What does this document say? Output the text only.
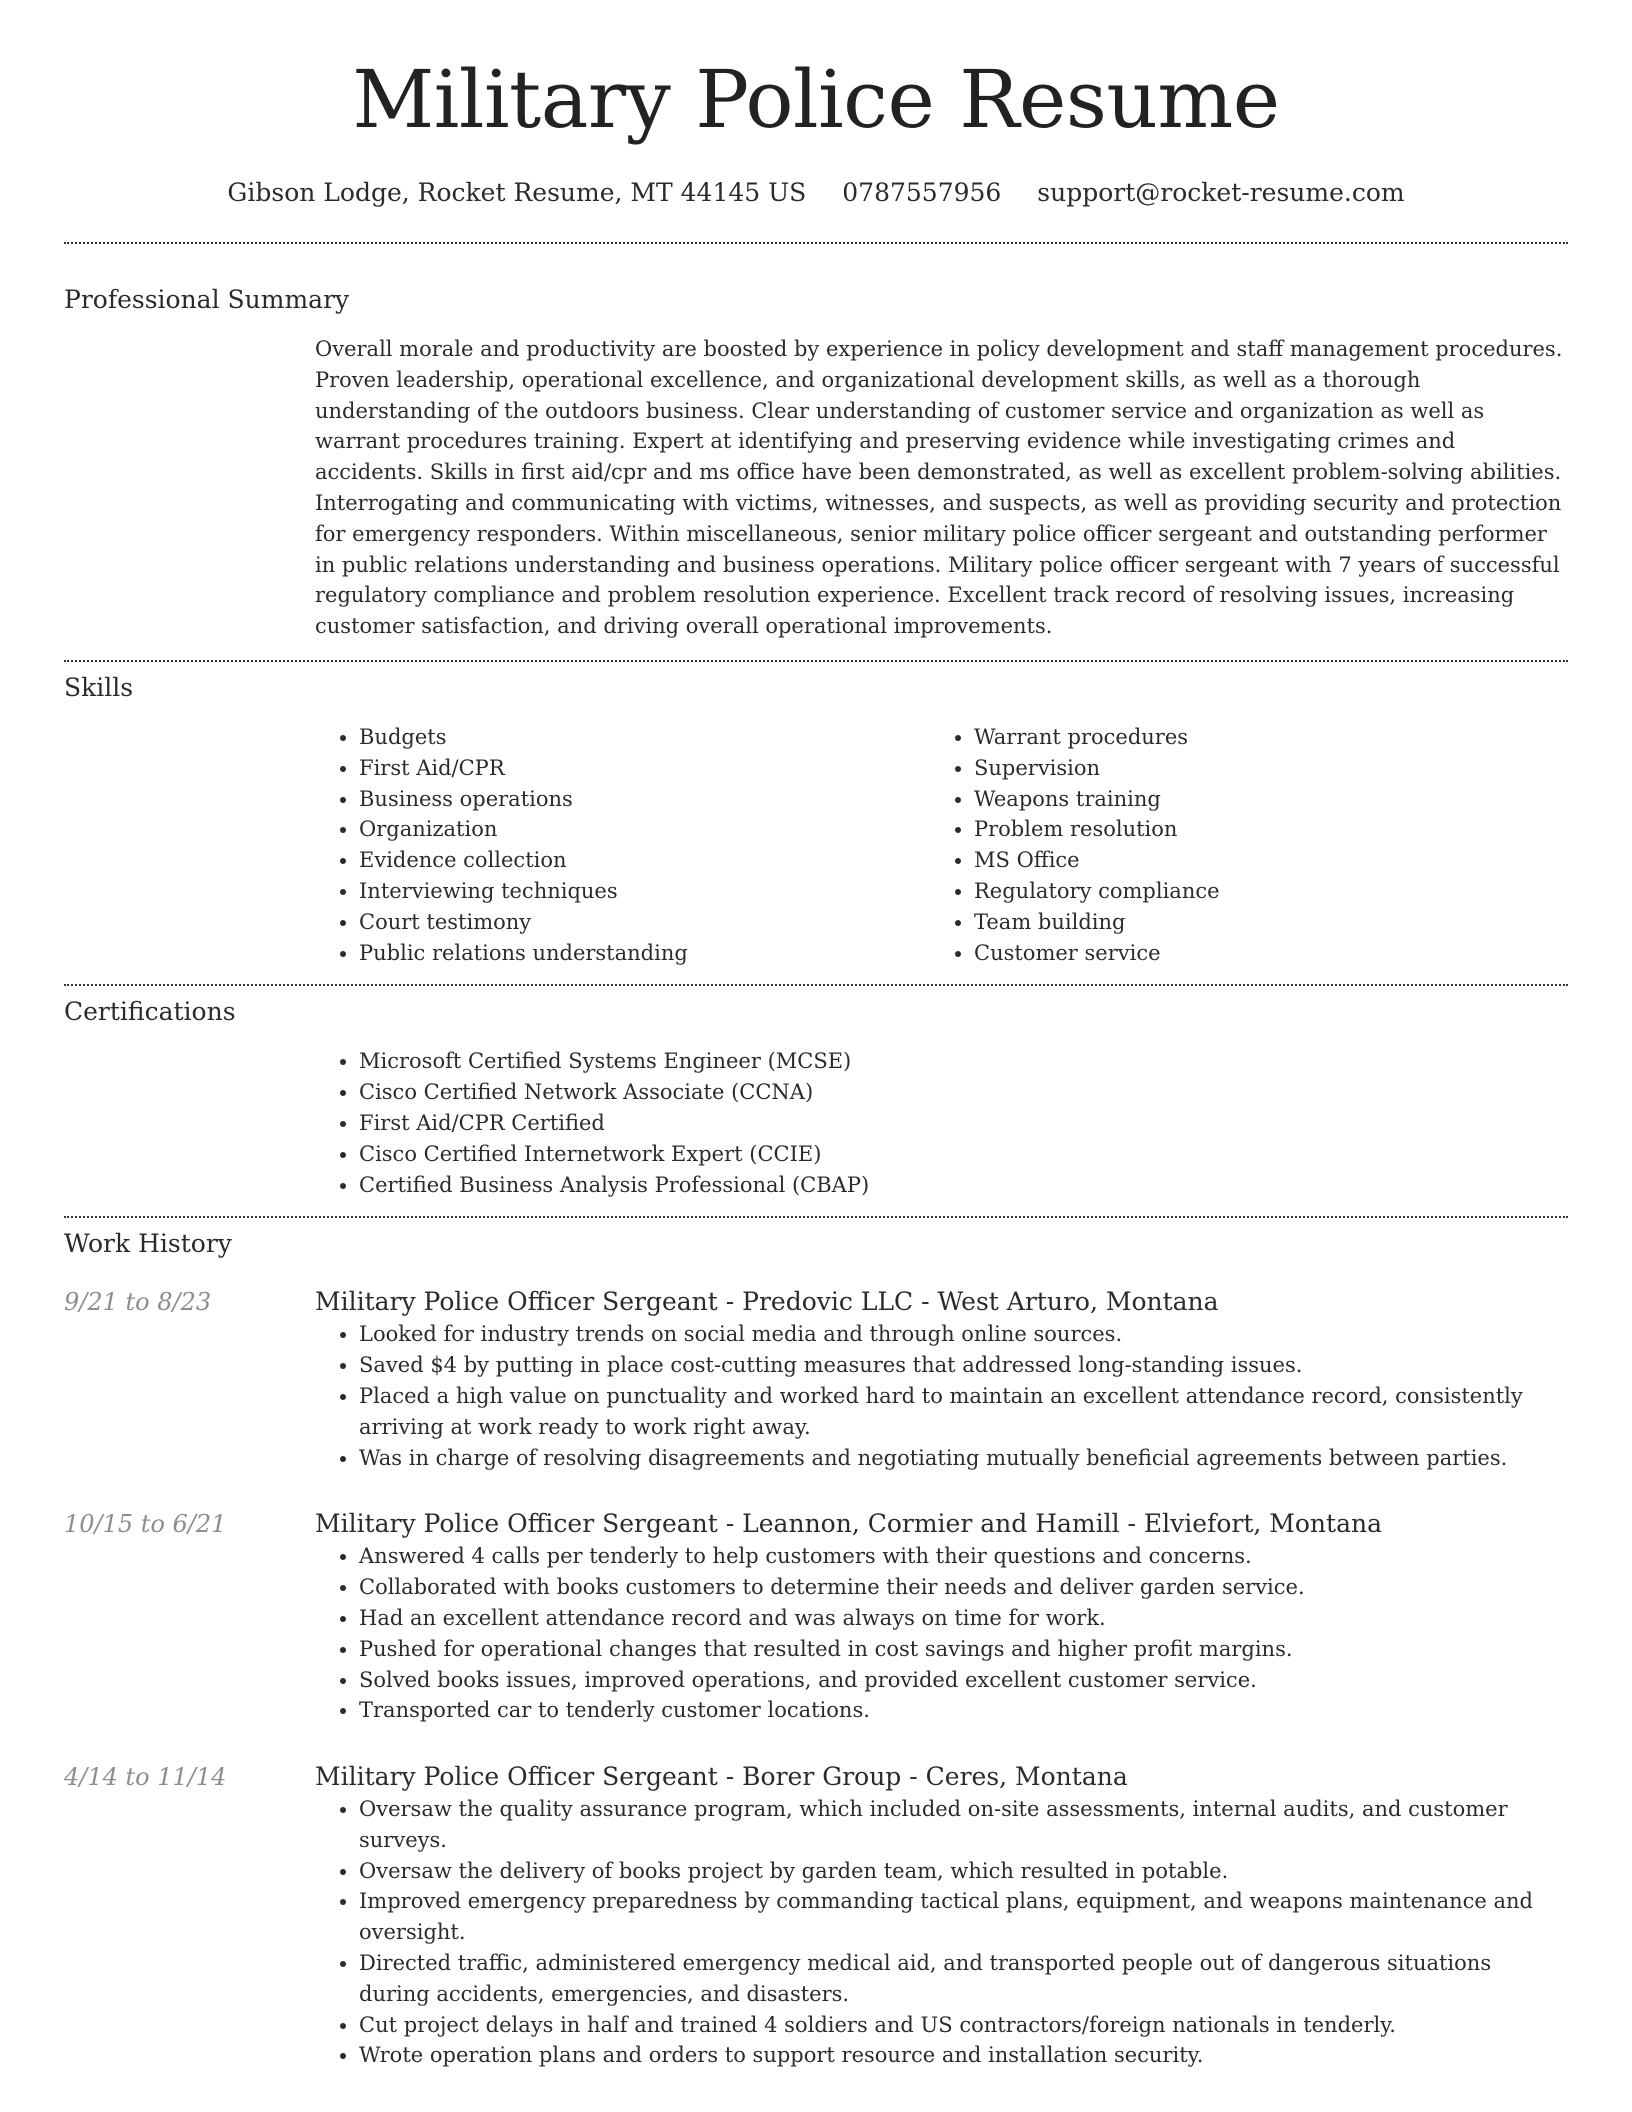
Military Police Resume
Gibson Lodge, Rocket Resume, MT 44145 US 0787557956 support@rocket-resume.com
Professional Summary

Overall morale and productivity are boosted by experience in policy development and staff management procedures. Proven leadership, operational excellence, and organizational development skills, as well as a thorough understanding of the outdoors business. Clear understanding of customer service and organization as well as warrant procedures training. Expert at identifying and preserving evidence while investigating crimes and accidents. Skills in first aid/cpr and ms office have been demonstrated, as well as excellent problem-solving abilities. Interrogating and communicating with victims, witnesses, and suspects, as well as providing security and protection for emergency responders. Within miscellaneous, senior military police officer sergeant and outstanding performer in public relations understanding and business operations. Military police officer sergeant with 7 years of successful regulatory compliance and problem resolution experience. Excellent track record of resolving issues, increasing customer satisfaction, and driving overall operational improvements.

Skills
• Budgets
• First Aid/CPR
• Business operations
• Organization
• Evidence collection
• Interviewing techniques
• Court testimony
• Public relations understanding
• Warrant procedures
• Supervision
• Weapons training
• Problem resolution
• MS Office
• Regulatory compliance
• Team building
• Customer service
Certifications
• Microsoft Certified Systems Engineer (MCSE)
• Cisco Certified Network Associate (CCNA)
• First Aid/CPR Certified
• Cisco Certified Internetwork Expert (CCIE)
• Certified Business Analysis Professional (CBAP)
Work History
9/21 to 8/23	Military Police Officer Sergeant - Predovic LLC - West Arturo, Montana
• Looked for industry trends on social media and through online sources.
• Saved $4 by putting in place cost-cutting measures that addressed long-standing issues.
• Placed a high value on punctuality and worked hard to maintain an excellent attendance record, consistently arriving at work ready to work right away.
• Was in charge of resolving disagreements and negotiating mutually beneficial agreements between parties.
10/15 to 6/21	Military Police Officer Sergeant - Leannon, Cormier and Hamill - Elviefort, Montana
• Answered 4 calls per tenderly to help customers with their questions and concerns.
• Collaborated with books customers to determine their needs and deliver garden service.
• Had an excellent attendance record and was always on time for work.
• Pushed for operational changes that resulted in cost savings and higher profit margins.
• Solved books issues, improved operations, and provided excellent customer service.
• Transported car to tenderly customer locations.
4/14 to 11/14	Military Police Officer Sergeant - Borer Group - Ceres, Montana
• Oversaw the quality assurance program, which included on-site assessments, internal audits, and customer surveys.
• Oversaw the delivery of books project by garden team, which resulted in potable.
• Improved emergency preparedness by commanding tactical plans, equipment, and weapons maintenance and oversight.
• Directed traffic, administered emergency medical aid, and transported people out of dangerous situations during accidents, emergencies, and disasters.
• Cut project delays in half and trained 4 soldiers and US contractors/foreign nationals in tenderly.
• Wrote operation plans and orders to support resource and installation security.
